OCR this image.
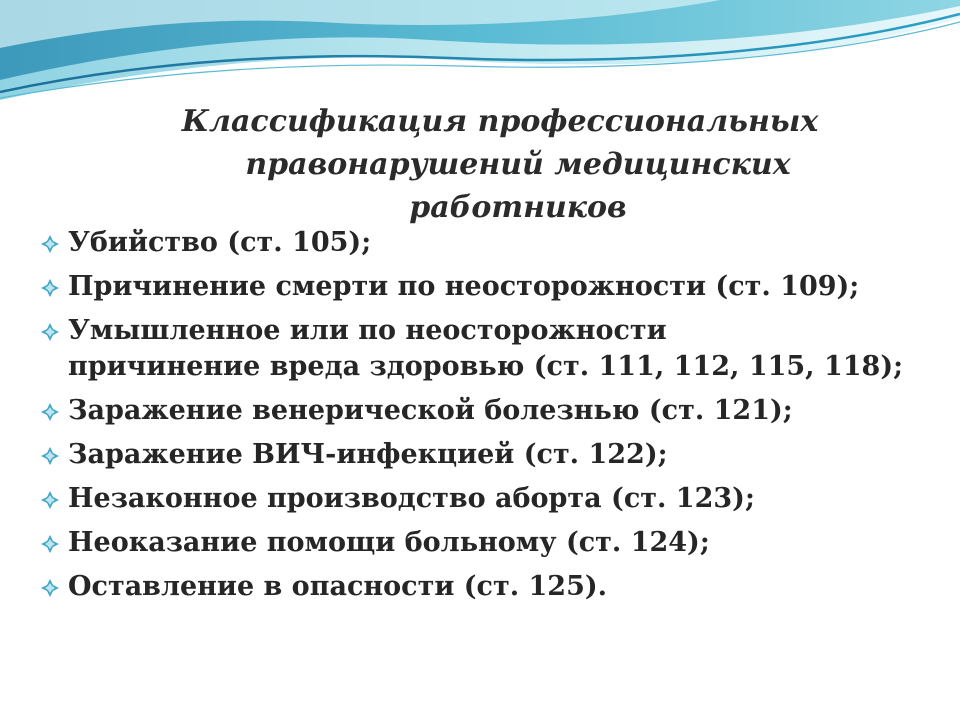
Классификация профессиональных
правонарушений медицинских работников
Убийство (ст. 105);
Причинение смерти по неосторожности (ст. 109);
Умышленное или по неосторожности
причинение вреда здоровью (ст. 111, 112, 115, 118);
Заражение венерической болезнью (ст. 121);
Заражение ВИЧ-инфекцией (ст. 122);
Незаконное производство аборта (ст. 123);
Неоказание помощи больному (ст. 124);
Оставление в опасности (ст. 125).
